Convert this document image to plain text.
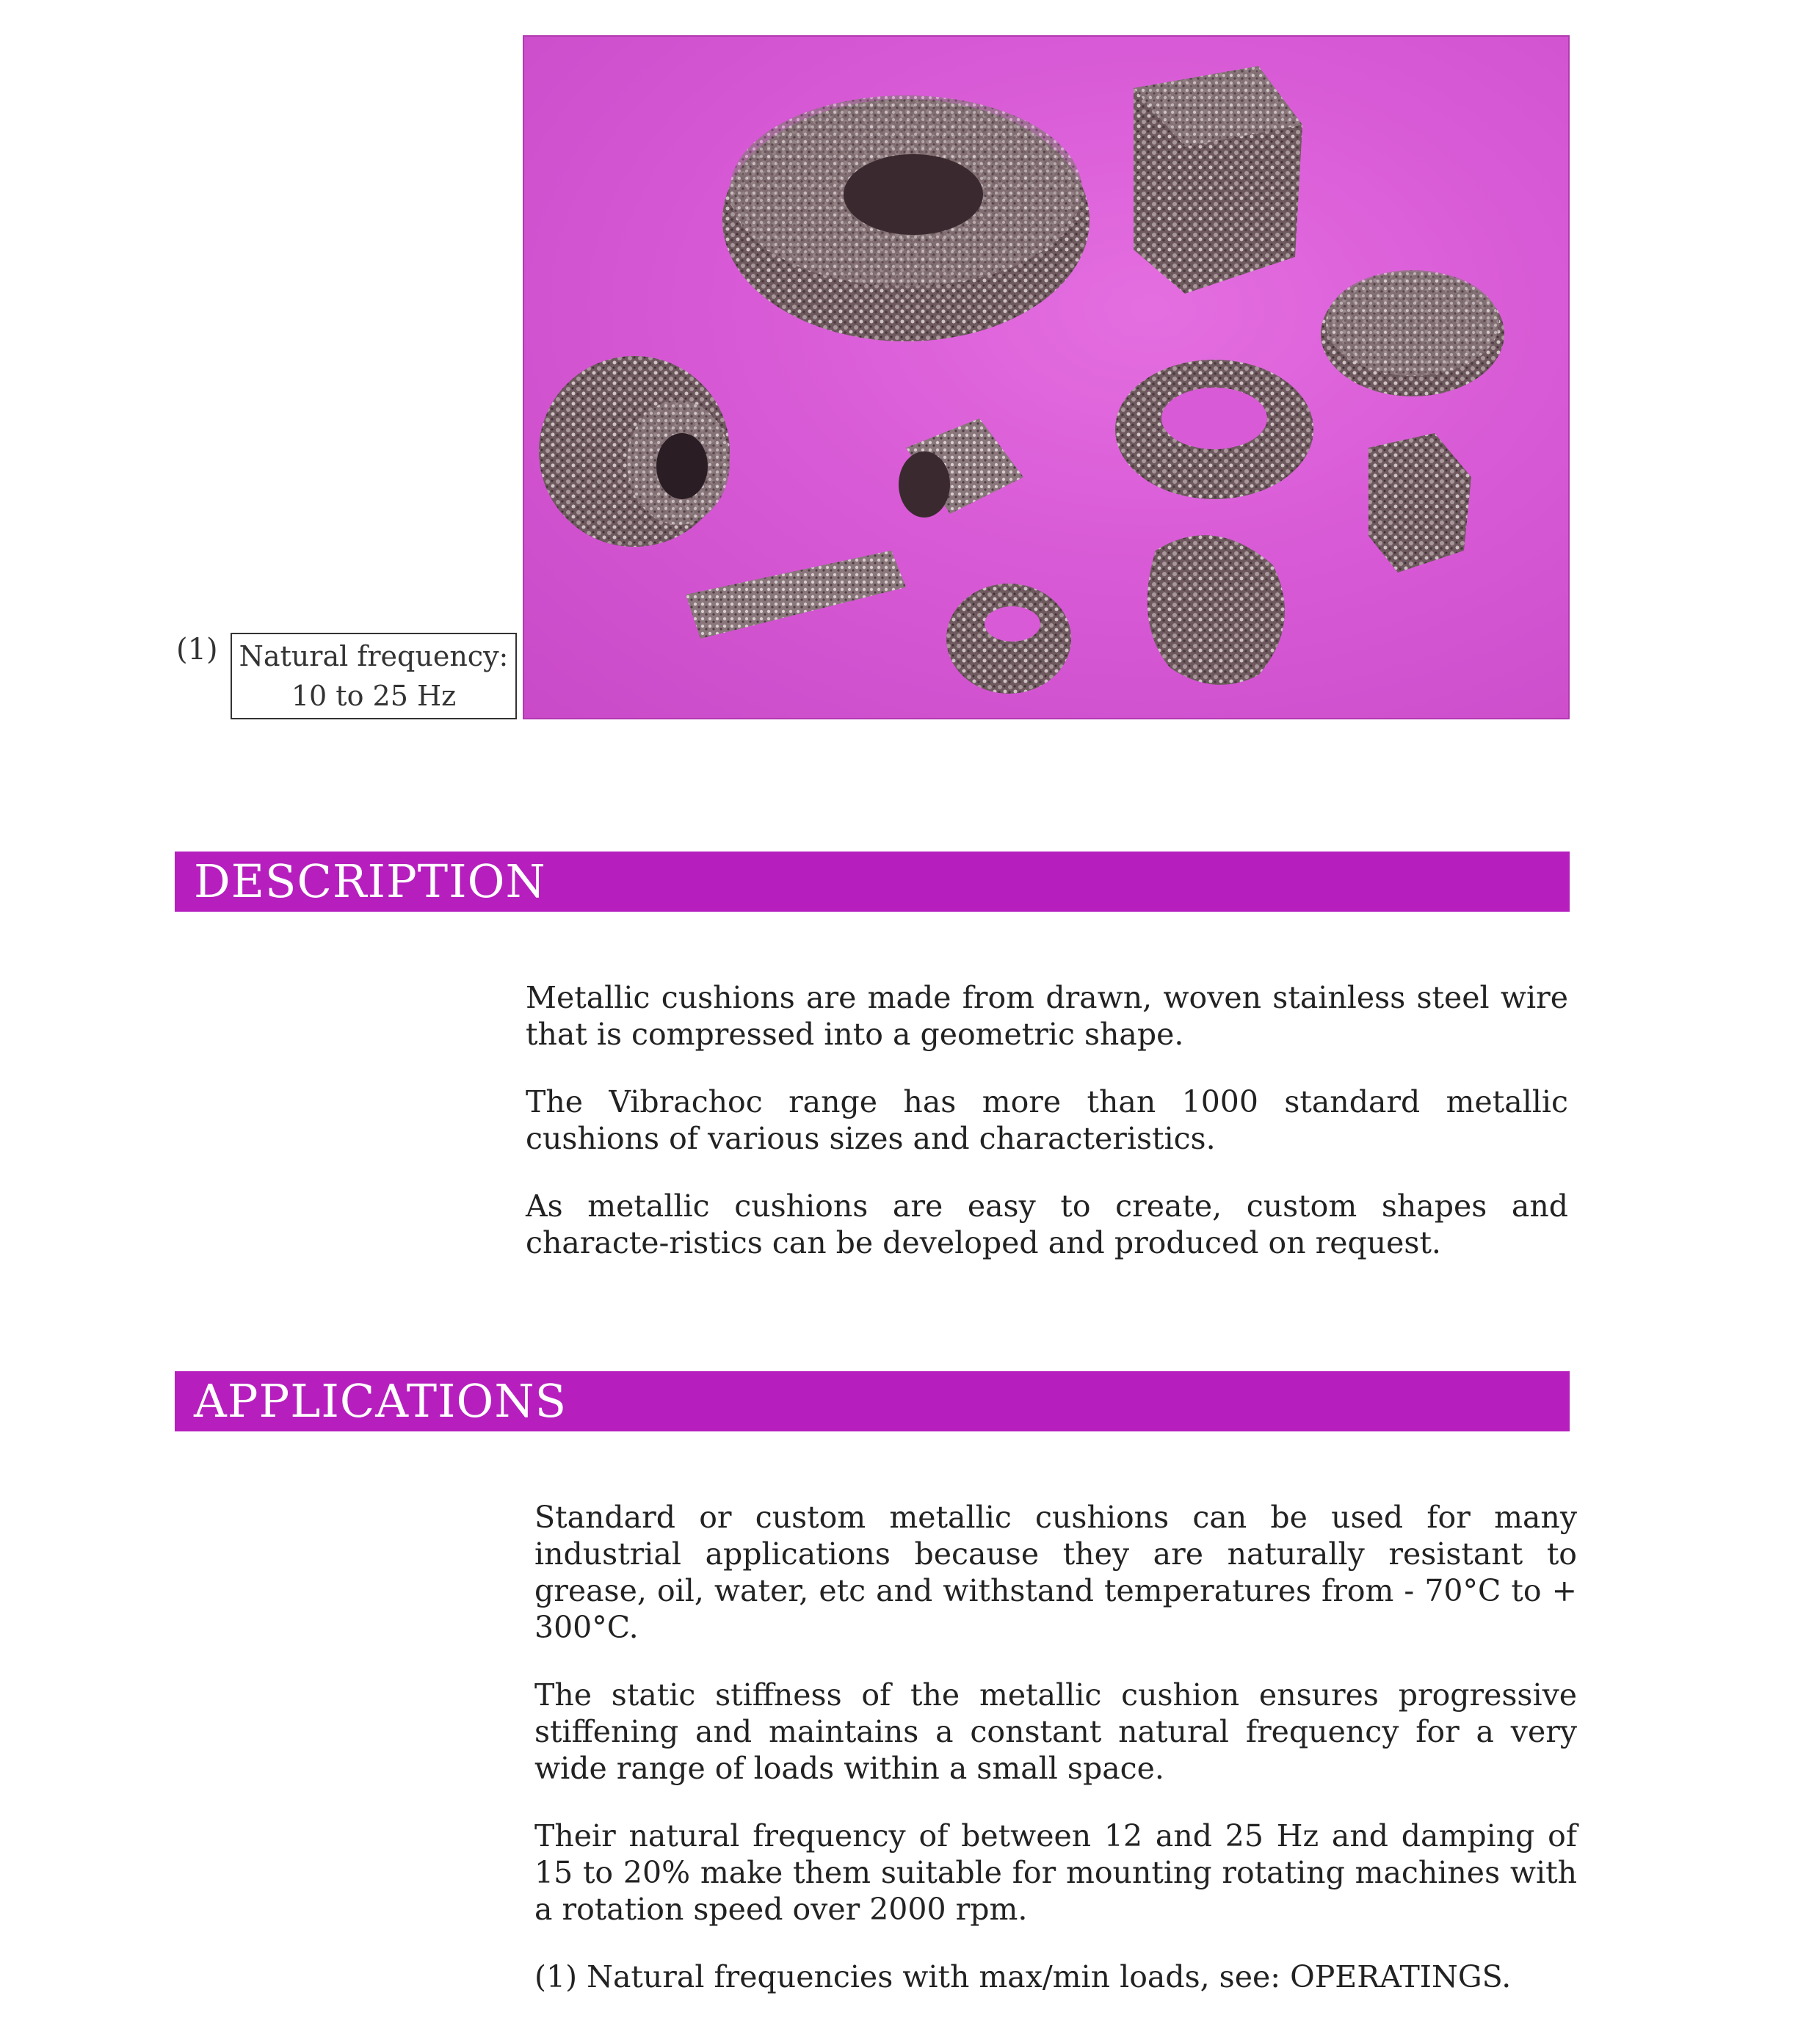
(1) Natural frequency:
10 to 25 Hz
DESCRIPTION

Metallic cushions are made from drawn, woven stainless steel wire that is compressed into a geometric shape.

The Vibrachoc range has more than 1000 standard metallic cushions of various sizes and characteristics.

As metallic cushions are easy to create, custom shapes and characte-ristics can be developed and produced on request.

APPLICATIONS

Standard or custom metallic cushions can be used for many industrial applications because they are naturally resistant to grease, oil, water, etc and withstand temperatures from - 70°C to + 300°C.

The static stiffness of the metallic cushion ensures progressive stiffening and maintains a constant natural frequency for a very wide range of loads within a small space.

Their natural frequency of between 12 and 25 Hz and damping of 15 to 20% make them suitable for mounting rotating machines with a rotation speed over 2000 rpm.

(1) Natural frequencies with max/min loads, see: OPERATINGS.
